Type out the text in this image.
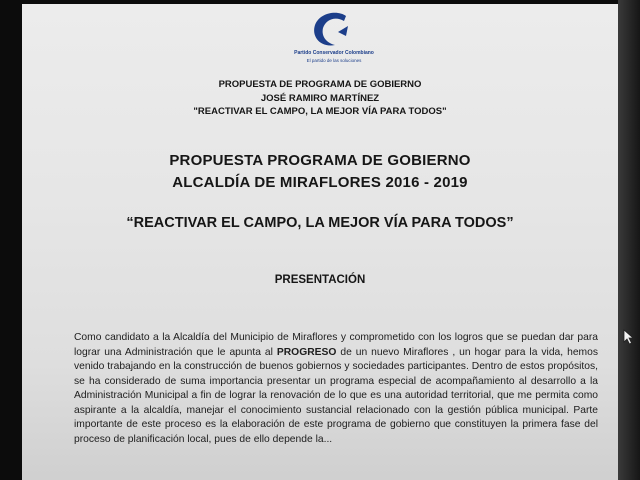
Partido Conservador Colombiano
El partido de las soluciones
PROPUESTA DE PROGRAMA DE GOBIERNO
JOSÉ RAMIRO MARTÍNEZ
"REACTIVAR EL CAMPO, LA MEJOR VÍA PARA TODOS"
PROPUESTA PROGRAMA DE GOBIERNO
ALCALDÍA DE MIRAFLORES 2016 - 2019
“REACTIVAR EL CAMPO, LA MEJOR VÍA PARA TODOS”
PRESENTACIÓN
Como candidato a la Alcaldía del Municipio de Miraflores y comprometido con los logros que se puedan dar para lograr una Administración que le apunta al PROGRESO de un nuevo Miraflores , un hogar para la vida, hemos venido trabajando en la construcción de buenos gobiernos y sociedades participantes. Dentro de estos propósitos, se ha considerado de suma importancia presentar un programa especial de acompañamiento al desarrollo a la Administración Municipal a fin de lograr la renovación de lo que es una autoridad territorial, que me permita como aspirante a la alcaldía, manejar el conocimiento sustancial relacionado con la gestión pública municipal. Parte importante de este proceso es la elaboración de este programa de gobierno que constituyen la primera fase del proceso de planificación local, pues de ello depende la...
